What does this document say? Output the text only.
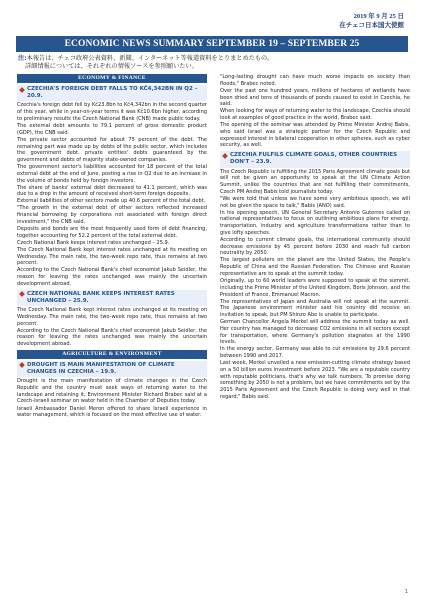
2019 年 9 月 25 日
在チェコ日本国大使館
ECONOMIC NEWS SUMMARY SEPTEMBER 19 – SEPTEMBER 25
注:本報告は、チェコ政府公表資料、新聞、インターネット等報道資料をとりまとめたもの。
詳細情報については、それぞれの情報ソースを参照願いたい。
ECONOMY & FINANCE
CZECHIA'S FOREIGN DEBT FALLS TO KČ4,342BN IN Q2 – 20.9.

Czechia's foreign debt fell by Kč23.8bn to Kč4,342bn in the second quarter of this year, while in year-on-year terms it was Kč10.6bn higher, according to preliminary results the Czech National Bank (CNB) made public today.

The external debt amounts to 79.1 percent of gross domestic product (GDP), the CNB said.

The private sector accounted for about 75 percent of the debt. The remaining part was made up by debts of the public sector, which includes the government debt, private entities' debts guaranteed by the government and debts of majority state-owned companies.

The government sector's liabilities accounted for 18 percent of the total external debt at the end of June, posting a rise in Q2 due to an increase in the volume of bonds held by foreign investors.

The share of banks' external debt decreased to 41.1 percent, which was due to a drop in the amount of received short-term foreign deposits.

External liabilities of other sectors made up 40.6 percent of the total debt.

"The growth in the external debt of other sectors reflected increased financial borrowing by corporations not associated with foreign direct investment," the CNB said.

Deposits and bonds are the most frequently used form of debt financing, together accounting for 52.2 percent of the total external debt.

Czech National Bank keeps interest rates unchanged – 25.9.

The Czech National Bank kept interest rates unchanged at its meeting on Wednesday. The main rate, the two-week repo rate, thus remains at two percent.

According to the Czech National Bank's chief economist Jakub Seidler, the reason for leaving the rates unchanged was mainly the uncertain development abroad.

CZECH NATIONAL BANK KEEPS INTEREST RATES UNCHANGED – 25.9.

The Czech National Bank kept interest rates unchanged at its meeting on Wednesday. The main rate, the two-week repo rate, thus remains at two percent.

According to the Czech National Bank's chief economist Jakub Seidler, the reason for leaving the rates unchanged was mainly the uncertain development abroad.

AGRICULTURE & ENVIRONMENT
DROUGHT IS MAIN MANIFESTATION OF CLIMATE CHANGES IN CZECHIA – 19.9.

Drought is the main manifestation of climate changes in the Czech Republic and the country must seek ways of returning water to the landscape and retaining it, Environment Minister Richard Brabec said at a Czech-Israeli seminar on water held in the Chamber of Deputies today.

Israeli Ambassador Daniel Meron offered to share Israeli experience in water management, which is focused on the most effective use of water.

"Long-lasting drought can have much worse impacts on society than floods," Brabec noted.

Over the past one hundred years, millions of hectares of wetlands have been dried and tens of thousands of ponds caused to exist in Czechia, he said.

When looking for ways of returning water to the landscape, Czechia should look at examples of good practice in the world, Brabec said.

The opening of the seminar was attended by Prime Minister Andrej Babis, who said Israel was a strategic partner for the Czech Republic and expressed interest in bilateral cooperation in other spheres, such as cyber security, as well.

CZECHIA FULFILS CLIMATE GOALS, OTHER COUNTRIES DON'T – 23.9.

The Czech Republic is fulfilling the 2015 Paris Agreement climate goals but will not be given an opportunity to speak at the UN Climate Action Summit, unlike the countries that are not fulfilling their commitments, Czech PM Andrej Babis told journalists today.

"We were told that unless we have some very ambitious speech, we will not be given the space to talk," Babis (ANO) said.

In his opening speech, UN General Secretary Antonio Guterres called on national representatives to focus on outlining ambitious plans for energy, transportation, industry and agriculture transformations rather than to give lofty speeches.

According to current climate goals, the international community should decrease emissions by 45 percent before 2030 and reach full carbon neutrality by 2050.

The largest polluters on the planet are the United States, the People's Republic of China and the Russian Federation. The Chinese and Russian representative are to speak at the summit today.

Originally, up to 60 world leaders were supposed to speak at the summit, including the Prime Minister of the United Kingdom, Boris Johnson, and the President of France, Emmanuel Macron.

The representatives of Japan and Australia will not speak at the summit. The Japanese environment minister said his country did receive an invitation to speak, but PM Shinzo Abe is unable to participate.

German Chancellor Angela Merkel will address the summit today as well. Her country has managed to decrease CO2 emissions in all sectors except for transportation, where Germany's pollution stagnates at the 1990 levels.

In the energy sector, Germany was able to cut emissions by 29.6 percent between 1990 and 2017.

Last week, Merkel unveiled a new emission-cutting climate strategy based on a 50 billion euros investment before 2023. "We are a reputable country with reputable politicians, that's why we talk numbers. To promise doing something by 2050 is not a problem, but we have commitments set by the 2015 Paris Agreement and the Czech Republic is doing very well in that regard," Babis said.

1
